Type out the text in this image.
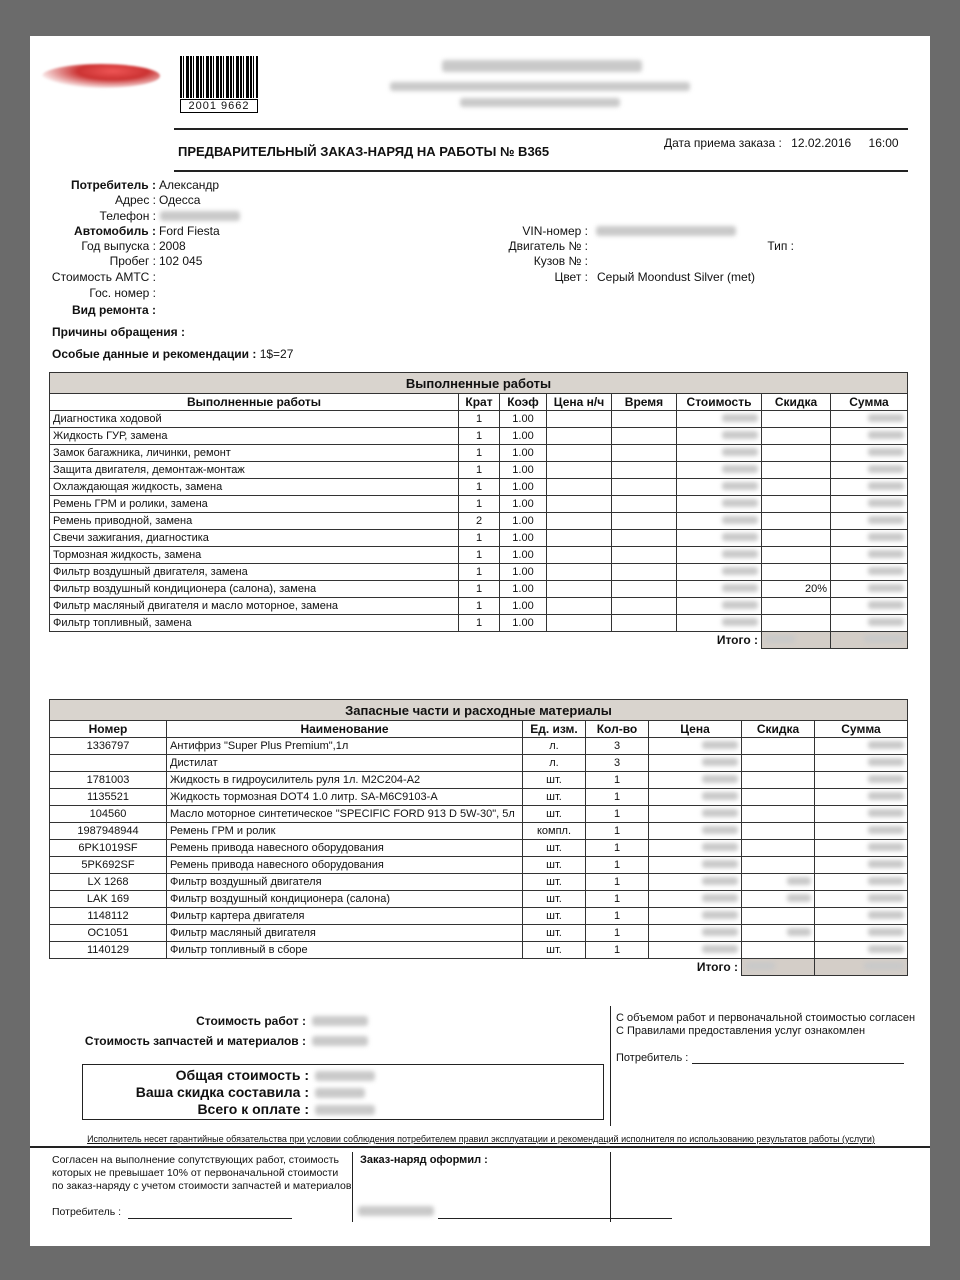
2001 9662
ПРЕДВАРИТЕЛЬНЫЙ ЗАКАЗ-НАРЯД НА РАБОТЫ № B365
Дата приема заказа : 12.02.2016 16:00
Потребитель : Александр
Адрес : Одесса
Телефон :
Автомобиль : Ford Fiesta
Год выпуска : 2008
Пробег : 102 045
Стоимость АМТС :
Гос. номер :
Вид ремонта :
VIN-номер :
Двигатель № :	Тип :
Кузов № :
Цвет : Серый Moondust Silver (met)
Причины обращения :
Особые данные и рекомендации : 1$=27
Выполненные работы							
Выполненные работы	Крат	Коэф	Цена н/ч	Время	Стоимость	Скидка	Сумма
Диагностика ходовой	1	1.00					
Жидкость ГУР, замена	1	1.00					
Замок багажника, личинки, ремонт	1	1.00					
Защита двигателя, демонтаж-монтаж	1	1.00					
Охлаждающая жидкость, замена	1	1.00					
Ремень ГРМ и ролики, замена	1	1.00					
Ремень приводной, замена	2	1.00					
Свечи зажигания, диагностика	1	1.00					
Тормозная жидкость, замена	1	1.00					
Фильтр воздушный двигателя, замена	1	1.00					
Фильтр воздушный кондиционера (салона), замена	1	1.00				20%	
Фильтр масляный двигателя и масло моторное, замена	1	1.00					
Фильтр топливный, замена	1	1.00					
					Итого :		
Запасные части и расходные материалы						
Номер	Наименование	Ед. изм.	Кол-во	Цена	Скидка	Сумма
1336797	Антифриз "Super Plus Premium",1л	л.	3			
	Дистилат	л.	3			
1781003	Жидкость в гидроусилитель руля 1л. M2C204-A2	шт.	1			
1135521	Жидкость тормозная DOT4 1.0 литр. SA-M6C9103-A	шт.	1			
104560	Масло моторное синтетическое "SPECIFIC FORD 913 D 5W-30", 5л	шт.	1			
1987948944	Ремень ГРМ и ролик	компл.	1			
6PK1019SF	Ремень привода навесного оборудования	шт.	1			
5PK692SF	Ремень привода навесного оборудования	шт.	1			
LX 1268	Фильтр воздушный двигателя	шт.	1			
LAK 169	Фильтр воздушный кондиционера (салона)	шт.	1			
1148112	Фильтр картера двигателя	шт.	1			
OC1051	Фильтр масляный двигателя	шт.	1			
1140129	Фильтр топливный в сборе	шт.	1			
				Итого :		
Стоимость работ :
Стоимость запчастей и материалов :
Общая стоимость :
Ваша скидка составила :
Всего к оплате :
С объемом работ и первоначальной стоимостью согласен
С Правилами предоставления услуг ознакомлен
Потребитель :
Исполнитель несет гарантийные обязательства при условии соблюдения потребителем правил эксплуатации и рекомендаций исполнителя по использованию результатов работы (услуги)
Согласен на выполнение сопутствующих работ, стоимость которых не превышает 10% от первоначальной стоимости по заказ-наряду с учетом стоимости запчастей и материалов
Потребитель :
Заказ-наряд оформил :
